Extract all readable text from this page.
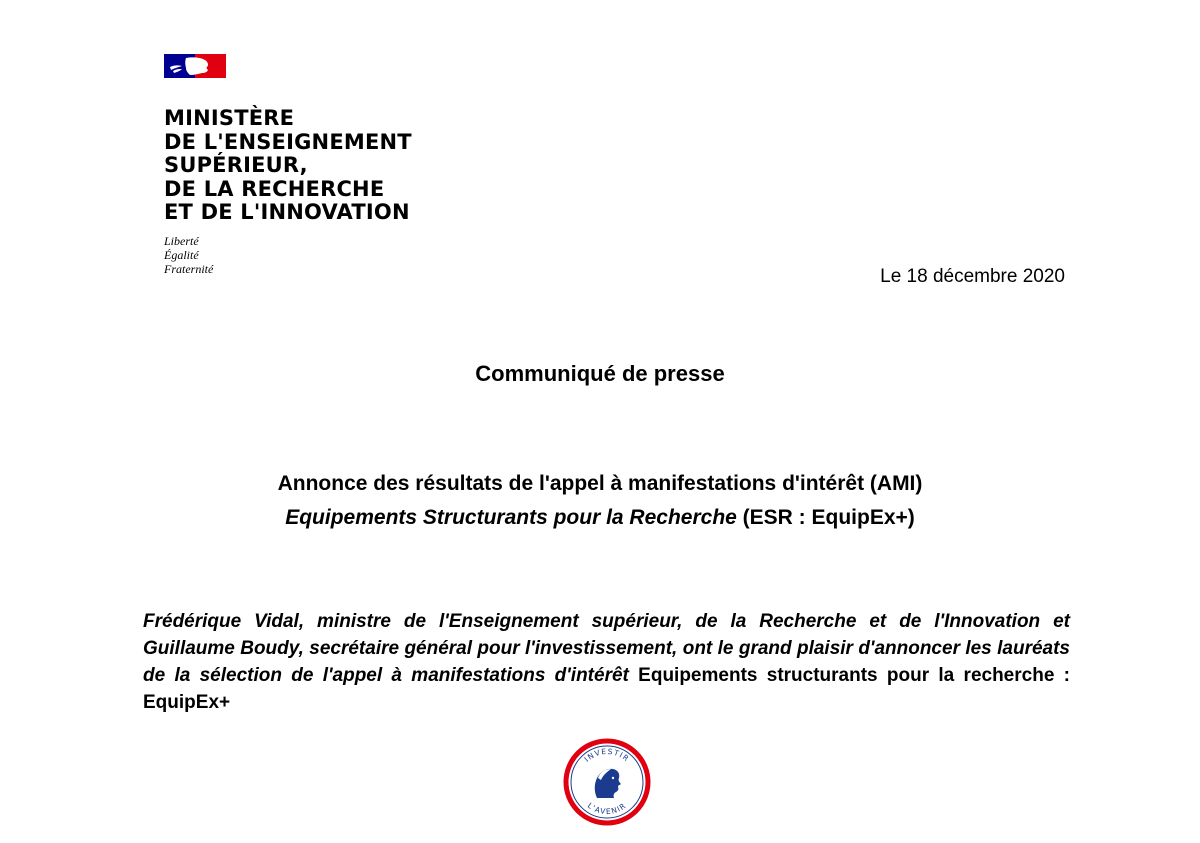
MINISTÈRE
DE L'ENSEIGNEMENT
SUPÉRIEUR,
DE LA RECHERCHE
ET DE L'INNOVATION
Liberté
Égalité
Fraternité	Le 18 décembre 2020
Communiqué de presse
Annonce des résultats de l'appel à manifestations d'intérêt (AMI)
Equipements Structurants pour la Recherche (ESR : EquipEx+)
Frédérique Vidal, ministre de l'Enseignement supérieur, de la Recherche et de l'Innovation et Guillaume Boudy, secrétaire général pour l'investissement, ont le grand plaisir d'annoncer les lauréats de la sélection de l'appel à manifestations d'intérêt Equipements structurants pour la recherche : EquipEx+
INVESTIR
L'AVENIR
